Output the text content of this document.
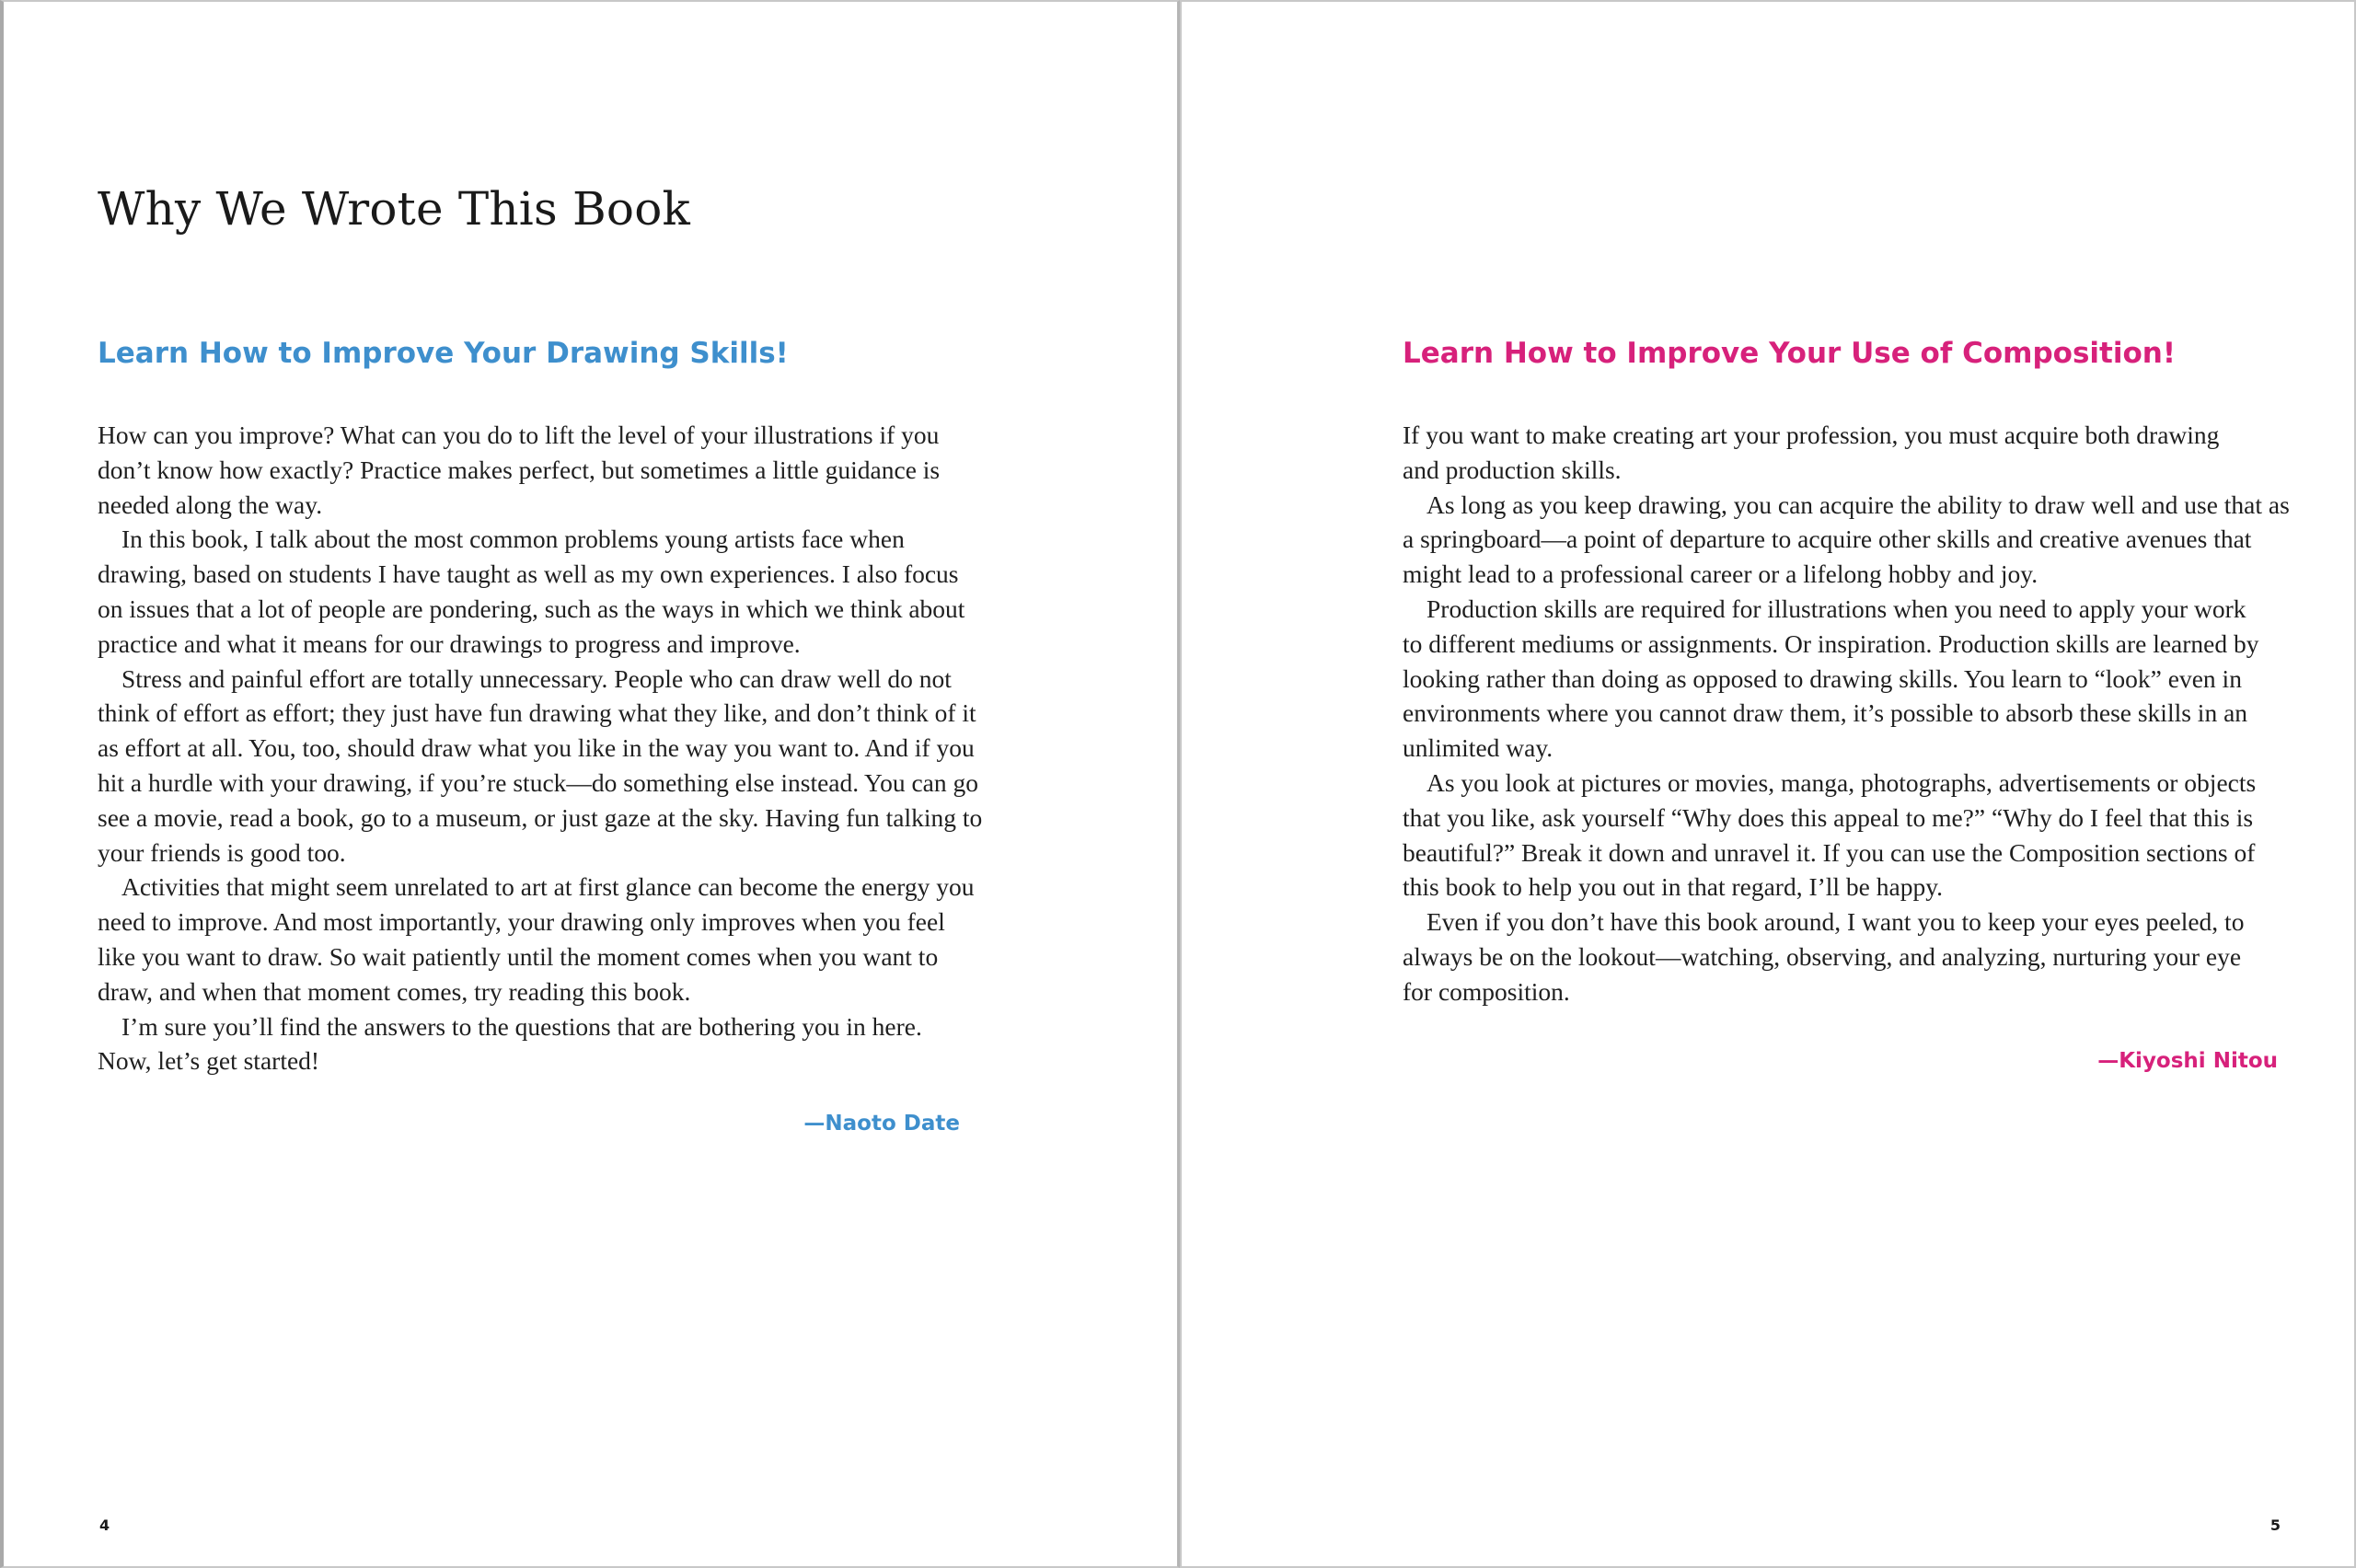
Why We Wrote This Book
Learn How to Improve Your Drawing Skills!

How can you improve? What can you do to lift the level of your illustrations if you

don’t know how exactly? Practice makes perfect, but sometimes a little guidance is

needed along the way.

In this book, I talk about the most common problems young artists face when

drawing, based on students I have taught as well as my own experiences. I also focus

on issues that a lot of people are pondering, such as the ways in which we think about

practice and what it means for our drawings to progress and improve.

Stress and painful effort are totally unnecessary. People who can draw well do not

think of effort as effort; they just have fun drawing what they like, and don’t think of it

as effort at all. You, too, should draw what you like in the way you want to. And if you

hit a hurdle with your drawing, if you’re stuck—do something else instead. You can go

see a movie, read a book, go to a museum, or just gaze at the sky. Having fun talking to

your friends is good too.

Activities that might seem unrelated to art at first glance can become the energy you

need to improve. And most importantly, your drawing only improves when you feel

like you want to draw. So wait patiently until the moment comes when you want to

draw, and when that moment comes, try reading this book.

I’m sure you’ll find the answers to the questions that are bothering you in here.

Now, let’s get started!

—Naoto Date

4

Learn How to Improve Your Use of Composition!

If you want to make creating art your profession, you must acquire both drawing

and production skills.

As long as you keep drawing, you can acquire the ability to draw well and use that as

a springboard—a point of departure to acquire other skills and creative avenues that

might lead to a professional career or a lifelong hobby and joy.

Production skills are required for illustrations when you need to apply your work

to different mediums or assignments. Or inspiration. Production skills are learned by

looking rather than doing as opposed to drawing skills. You learn to “look” even in

environments where you cannot draw them, it’s possible to absorb these skills in an

unlimited way.

As you look at pictures or movies, manga, photographs, advertisements or objects

that you like, ask yourself “Why does this appeal to me?” “Why do I feel that this is

beautiful?” Break it down and unravel it. If you can use the Composition sections of

this book to help you out in that regard, I’ll be happy.

Even if you don’t have this book around, I want you to keep your eyes peeled, to

always be on the lookout—watching, observing, and analyzing, nurturing your eye

for composition.

—Kiyoshi Nitou

5
